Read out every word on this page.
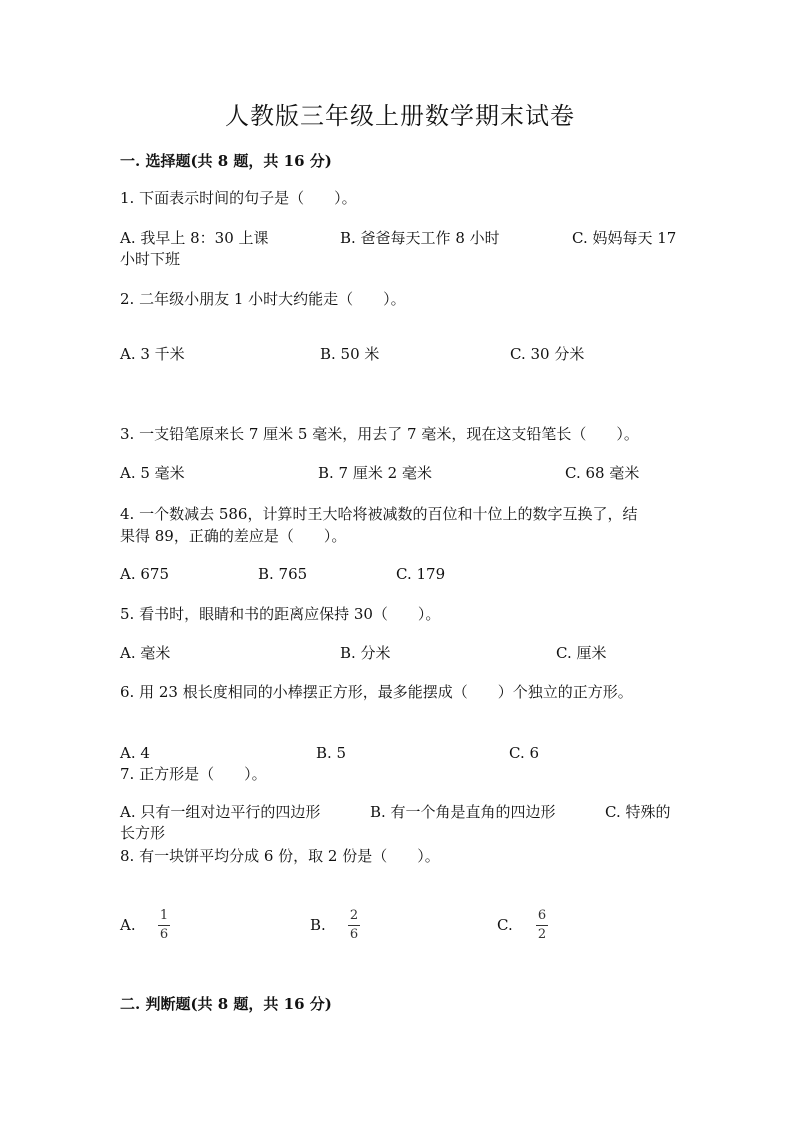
人教版三年级上册数学期末试卷
一. 选择题(共 8 题，共 16 分)
1. 下面表示时间的句子是（　　）。
A. 我早上 8：30 上课	B. 爸爸每天工作 8 小时	C. 妈妈每天 17
小时下班
2. 二年级小朋友 1 小时大约能走（　　）。
A. 3 千米	B. 50 米	C. 30 分米
3. 一支铅笔原来长 7 厘米 5 毫米，用去了 7 毫米，现在这支铅笔长（　　）。
A. 5 毫米	B. 7 厘米 2 毫米	C. 68 毫米
4. 一个数减去 586，计算时王大哈将被减数的百位和十位上的数字互换了，结
果得 89，正确的差应是（　　）。
A. 675	B. 765	C. 179
5. 看书时，眼睛和书的距离应保持 30（　　）。
A. 毫米	B. 分米	C. 厘米
6. 用 23 根长度相同的小棒摆正方形，最多能摆成（　　）个独立的正方形。
A. 4	B. 5	C. 6
7. 正方形是（　　）。
A. 只有一组对边平行的四边形	B. 有一个角是直角的四边形	C. 特殊的
长方形
8. 有一块饼平均分成 6 份，取 2 份是（　　）。
A.
1
6
B.
2
6
C.
6
2
二. 判断题(共 8 题，共 16 分)
